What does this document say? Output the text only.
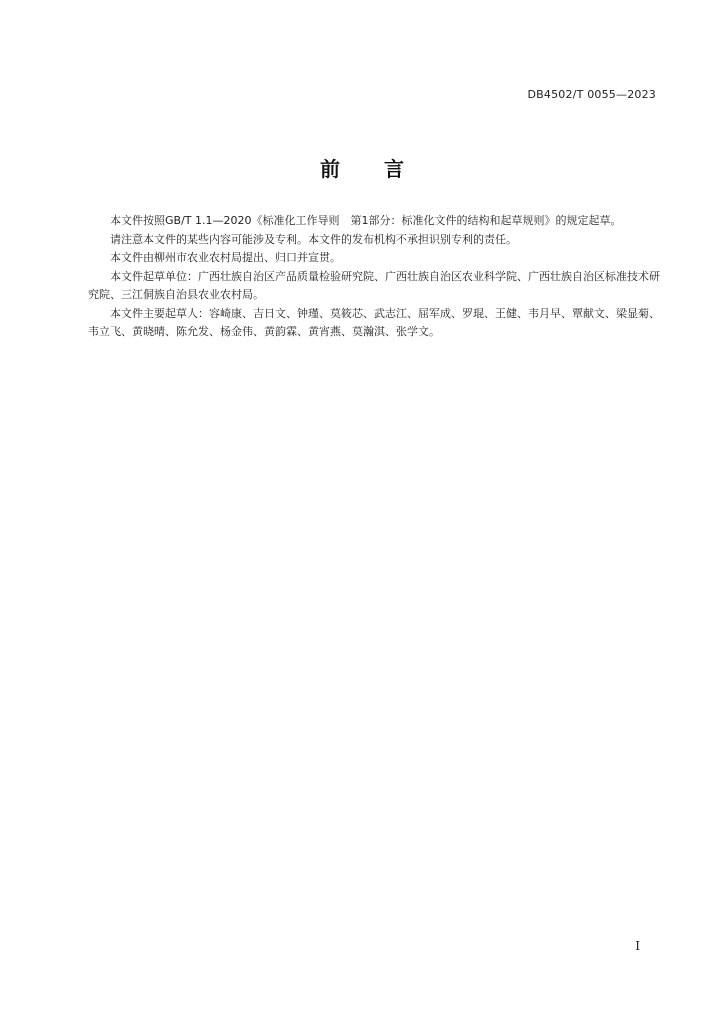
DB4502/T 0055—2023
前言

本文件按照GB/T 1.1—2020《标准化工作导则　第1部分：标准化文件的结构和起草规则》的规定起草。

请注意本文件的某些内容可能涉及专利。本文件的发布机构不承担识别专利的责任。

本文件由柳州市农业农村局提出、归口并宣贯。

本文件起草单位：广西壮族自治区产品质量检验研究院、广西壮族自治区农业科学院、广西壮族自治区标准技术研究院、三江侗族自治县农业农村局。

本文件主要起草人：容崎康、吉日文、钟瑾、莫筱芯、武志江、屈军成、罗琨、王健、韦月早、覃献文、梁显菊、韦立飞、黄晓晴、陈允发、杨金伟、黄韵霖、黄宵燕、莫瀚淇、张学文。

I
